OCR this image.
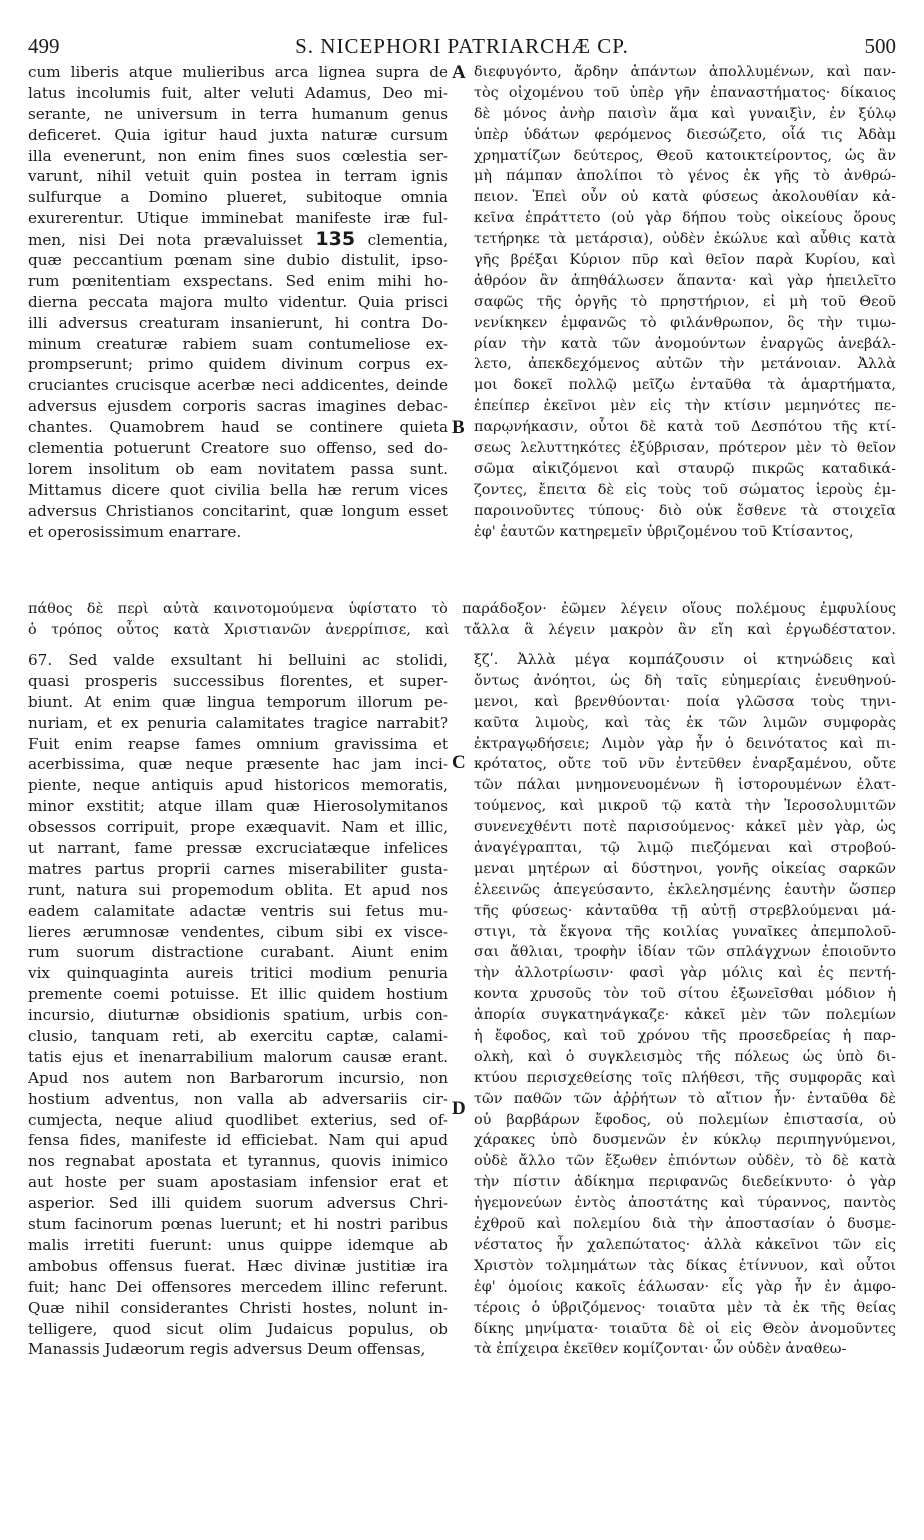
499	S. NICEPHORI PATRIARCHÆ CP.	500
cum liberis atque mulieribus arca lignea supra de
latus incolumis fuit, alter veluti Adamus, Deo mi-
serante, ne universum in terra humanum genus
deficeret. Quia igitur haud juxta naturæ cursum
illa evenerunt, non enim fines suos cœlestia ser-
varunt, nihil vetuit quin postea in terram ignis
sulfurque a Domino plueret, subitoque omnia
exurerentur. Utique imminebat manifeste iræ ful-
men, nisi Dei nota prævaluisset 135 clementia,
quæ peccantium pœnam sine dubio distulit, ipso-
rum pœnitentiam exspectans. Sed enim mihi ho-
dierna peccata majora multo videntur. Quia prisci
illi adversus creaturam insanierunt, hi contra Do-
minum creaturæ rabiem suam contumeliose ex-
prompserunt; primo quidem divinum corpus ex-
cruciantes crucisque acerbæ neci addicentes, deinde
adversus ejusdem corporis sacras imagines debac-
chantes. Quamobrem haud se continere quieta
clementia potuerunt Creatore suo offenso, sed do-
lorem insolitum ob eam novitatem passa sunt.
Mittamus dicere quot civilia bella hæ rerum vices
adversus Christianos concitarint, quæ longum esset
et operosissimum enarrare.
διεφυγόντο, ἄρδην ἁπάντων ἀπολλυμένων, καὶ παν-
τὸς οἰχομένου τοῦ ὑπὲρ γῆν ἐπαναστήματος· δίκαιος
δὲ μόνος ἀνὴρ παισὶν ἅμα καὶ γυναιξὶν, ἐν ξύλῳ
ὑπὲρ ὑδάτων φερόμενος διεσώζετο, οἷά τις Ἀδὰμ
χρηματίζων δεύτερος, Θεοῦ κατοικτείροντος, ὡς ἂν
μὴ πάμπαν ἀπολίποι τὸ γένος ἐκ γῆς τὸ ἀνθρώ-
πειον. Ἐπεὶ οὖν οὐ κατὰ φύσεως ἀκολουθίαν κἀ-
κεῖνα ἐπράττετο (οὐ γὰρ δήπου τοὺς οἰκείους ὅρους
τετήρηκε τὰ μετάρσια), οὐδὲν ἐκώλυε καὶ αὖθις κατὰ
γῆς βρέξαι Κύριον πῦρ καὶ θεῖον παρὰ Κυρίου, καὶ
ἀθρόον ἂν ἀπηθάλωσεν ἅπαντα· καὶ γὰρ ἠπειλεῖτο
σαφῶς τῆς ὀργῆς τὸ πρηστήριον, εἰ μὴ τοῦ Θεοῦ
νενίκηκεν ἐμφανῶς τὸ φιλάνθρωπον, ὃς τὴν τιμω-
ρίαν τὴν κατὰ τῶν ἀνομούντων ἐναργῶς ἀνεβάλ-
λετο, ἀπεκδεχόμενος αὐτῶν τὴν μετάνοιαν. Ἀλλὰ
μοι δοκεῖ πολλῷ μεῖζω ἐνταῦθα τὰ ἁμαρτήματα,
ἐπείπερ ἐκεῖνοι μὲν εἰς τὴν κτίσιν μεμηνότες πε-
παρῳνήκασιν, οὗτοι δὲ κατὰ τοῦ Δεσπότου τῆς κτί-
σεως λελυττηκότες ἐξύβρισαν, πρότερον μὲν τὸ θεῖον
σῶμα αἰκιζόμενοι καὶ σταυρῷ πικρῶς καταδικά-
ζοντες, ἔπειτα δὲ εἰς τοὺς τοῦ σώματος ἱεροὺς ἐμ-
παροινοῦντες τύπους· διὸ οὐκ ἔσθενε τὰ στοιχεῖα
ἐφ' ἑαυτῶν κατηρεμεῖν ὑβριζομένου τοῦ Κτίσαντος,
πάθος δὲ περὶ αὐτὰ καινοτομούμενα ὑφίστατο τὸ παράδοξον· ἐῶμεν λέγειν οἵους πολέμους ἐμφυλίους
ὁ τρόπος οὗτος κατὰ Χριστιανῶν ἀνερρίπισε, καὶ τἄλλα ἃ λέγειν μακρὸν ἂν εἴη καὶ ἐργωδέστατον.
67. Sed valde exsultant hi belluini ac stolidi,
quasi prosperis successibus florentes, et super-
biunt. At enim quæ lingua temporum illorum pe-
nuriam, et ex penuria calamitates tragice narrabit?
Fuit enim reapse fames omnium gravissima et
acerbissima, quæ neque præsente hac jam inci-
piente, neque antiquis apud historicos memoratis,
minor exstitit; atque illam quæ Hierosolymitanos
obsessos corripuit, prope exæquavit. Nam et illic,
ut narrant, fame pressæ excruciatæque infelices
matres partus proprii carnes miserabiliter gusta-
runt, natura sui propemodum oblita. Et apud nos
eadem calamitate adactæ ventris sui fetus mu-
lieres ærumnosæ vendentes, cibum sibi ex visce-
rum suorum distractione curabant. Aiunt enim
vix quinquaginta aureis tritici modium penuria
premente coemi potuisse. Et illic quidem hostium
incursio, diuturnæ obsidionis spatium, urbis con-
clusio, tanquam reti, ab exercitu captæ, calami-
tatis ejus et inenarrabilium malorum causæ erant.
Apud nos autem non Barbarorum incursio, non
hostium adventus, non valla ab adversariis cir-
cumjecta, neque aliud quodlibet exterius, sed of-
fensa fides, manifeste id efficiebat. Nam qui apud
nos regnabat apostata et tyrannus, quovis inimico
aut hoste per suam apostasiam infensior erat et
asperior. Sed illi quidem suorum adversus Chri-
stum facinorum pœnas luerunt; et hi nostri paribus
malis irretiti fuerunt: unus quippe idemque ab
ambobus offensus fuerat. Hæc divinæ justitiæ ira
fuit; hanc Dei offensores mercedem illinc referunt.
Quæ nihil considerantes Christi hostes, nolunt in-
telligere, quod sicut olim Judaicus populus, ob
Manassis Judæorum regis adversus Deum offensas,
ξζʹ. Ἀλλὰ μέγα κομπάζουσιν οἱ κτηνώδεις καὶ
ὄντως ἀνόητοι, ὡς δὴ ταῖς εὐημερίαις ἐνευθηνού-
μενοι, καὶ βρενθύονται· ποία γλῶσσα τοὺς τηνι-
καῦτα λιμοὺς, καὶ τὰς ἐκ τῶν λιμῶν συμφορὰς
ἐκτραγῳδήσειε; Λιμὸν γὰρ ἦν ὁ δεινότατος καὶ πι-
κρότατος, οὔτε τοῦ νῦν ἐντεῦθεν ἐναρξαμένου, οὔτε
τῶν πάλαι μνημονευομένων ἢ ἱστορουμένων ἐλατ-
τούμενος, καὶ μικροῦ τῷ κατὰ τὴν Ἱεροσολυμιτῶν
συνενεχθέντι ποτὲ παρισούμενος· κἀκεῖ μὲν γὰρ, ὡς
ἀναγέγραπται, τῷ λιμῷ πιεζόμεναι καὶ στροβού-
μεναι μητέρων αἱ δύστηνοι, γονῆς οἰκείας σαρκῶν
ἐλεεινῶς ἀπεγεύσαντο, ἐκλελησμένης ἑαυτὴν ὥσπερ
τῆς φύσεως· κἀνταῦθα τῇ αὐτῇ στρεβλούμεναι μά-
στιγι, τὰ ἔκγονα τῆς κοιλίας γυναῖκες ἀπεμπολοῦ-
σαι ἄθλιαι, τροφὴν ἰδίαν τῶν σπλάγχνων ἐποιοῦντο
τὴν ἀλλοτρίωσιν· φασὶ γὰρ μόλις καὶ ἐς πεντή-
κοντα χρυσοῦς τὸν τοῦ σίτου ἐξωνεῖσθαι μόδιον ἡ
ἀπορία συγκατηνάγκαζε· κἀκεῖ μὲν τῶν πολεμίων
ἡ ἔφοδος, καὶ τοῦ χρόνου τῆς προσεδρείας ἡ παρ-
ολκὴ, καὶ ὁ συγκλεισμὸς τῆς πόλεως ὡς ὑπὸ δι-
κτύου περισχεθείσης τοῖς πλήθεσι, τῆς συμφορᾶς καὶ
τῶν παθῶν τῶν ἀῤῥήτων τὸ αἴτιον ἦν· ἐνταῦθα δὲ
οὐ βαρβάρων ἔφοδος, οὐ πολεμίων ἐπιστασία, οὐ
χάρακες ὑπὸ δυσμενῶν ἐν κύκλῳ περιπηγνύμενοι,
οὐδὲ ἄλλο τῶν ἔξωθεν ἐπιόντων οὐδὲν, τὸ δὲ κατὰ
τὴν πίστιν ἀδίκημα περιφανῶς διεδείκνυτο· ὁ γὰρ
ἡγεμονεύων ἐντὸς ἀποστάτης καὶ τύραννος, παντὸς
ἐχθροῦ καὶ πολεμίου διὰ τὴν ἀποστασίαν ὁ δυσμε-
νέστατος ἦν χαλεπώτατος· ἀλλὰ κἀκεῖνοι τῶν εἰς
Χριστὸν τολμημάτων τὰς δίκας ἐτίννυον, καὶ οὗτοι
ἐφ' ὁμοίοις κακοῖς ἑάλωσαν· εἷς γὰρ ἦν ἐν ἀμφο-
τέροις ὁ ὑβριζόμενος· τοιαῦτα μὲν τὰ ἐκ τῆς θείας
δίκης μηνίματα· τοιαῦτα δὲ οἱ εἰς Θεὸν ἀνομοῦντες
τὰ ἐπίχειρα ἐκεῖθεν κομίζονται· ὧν οὐδὲν ἀναθεω-
A
B
C
D
